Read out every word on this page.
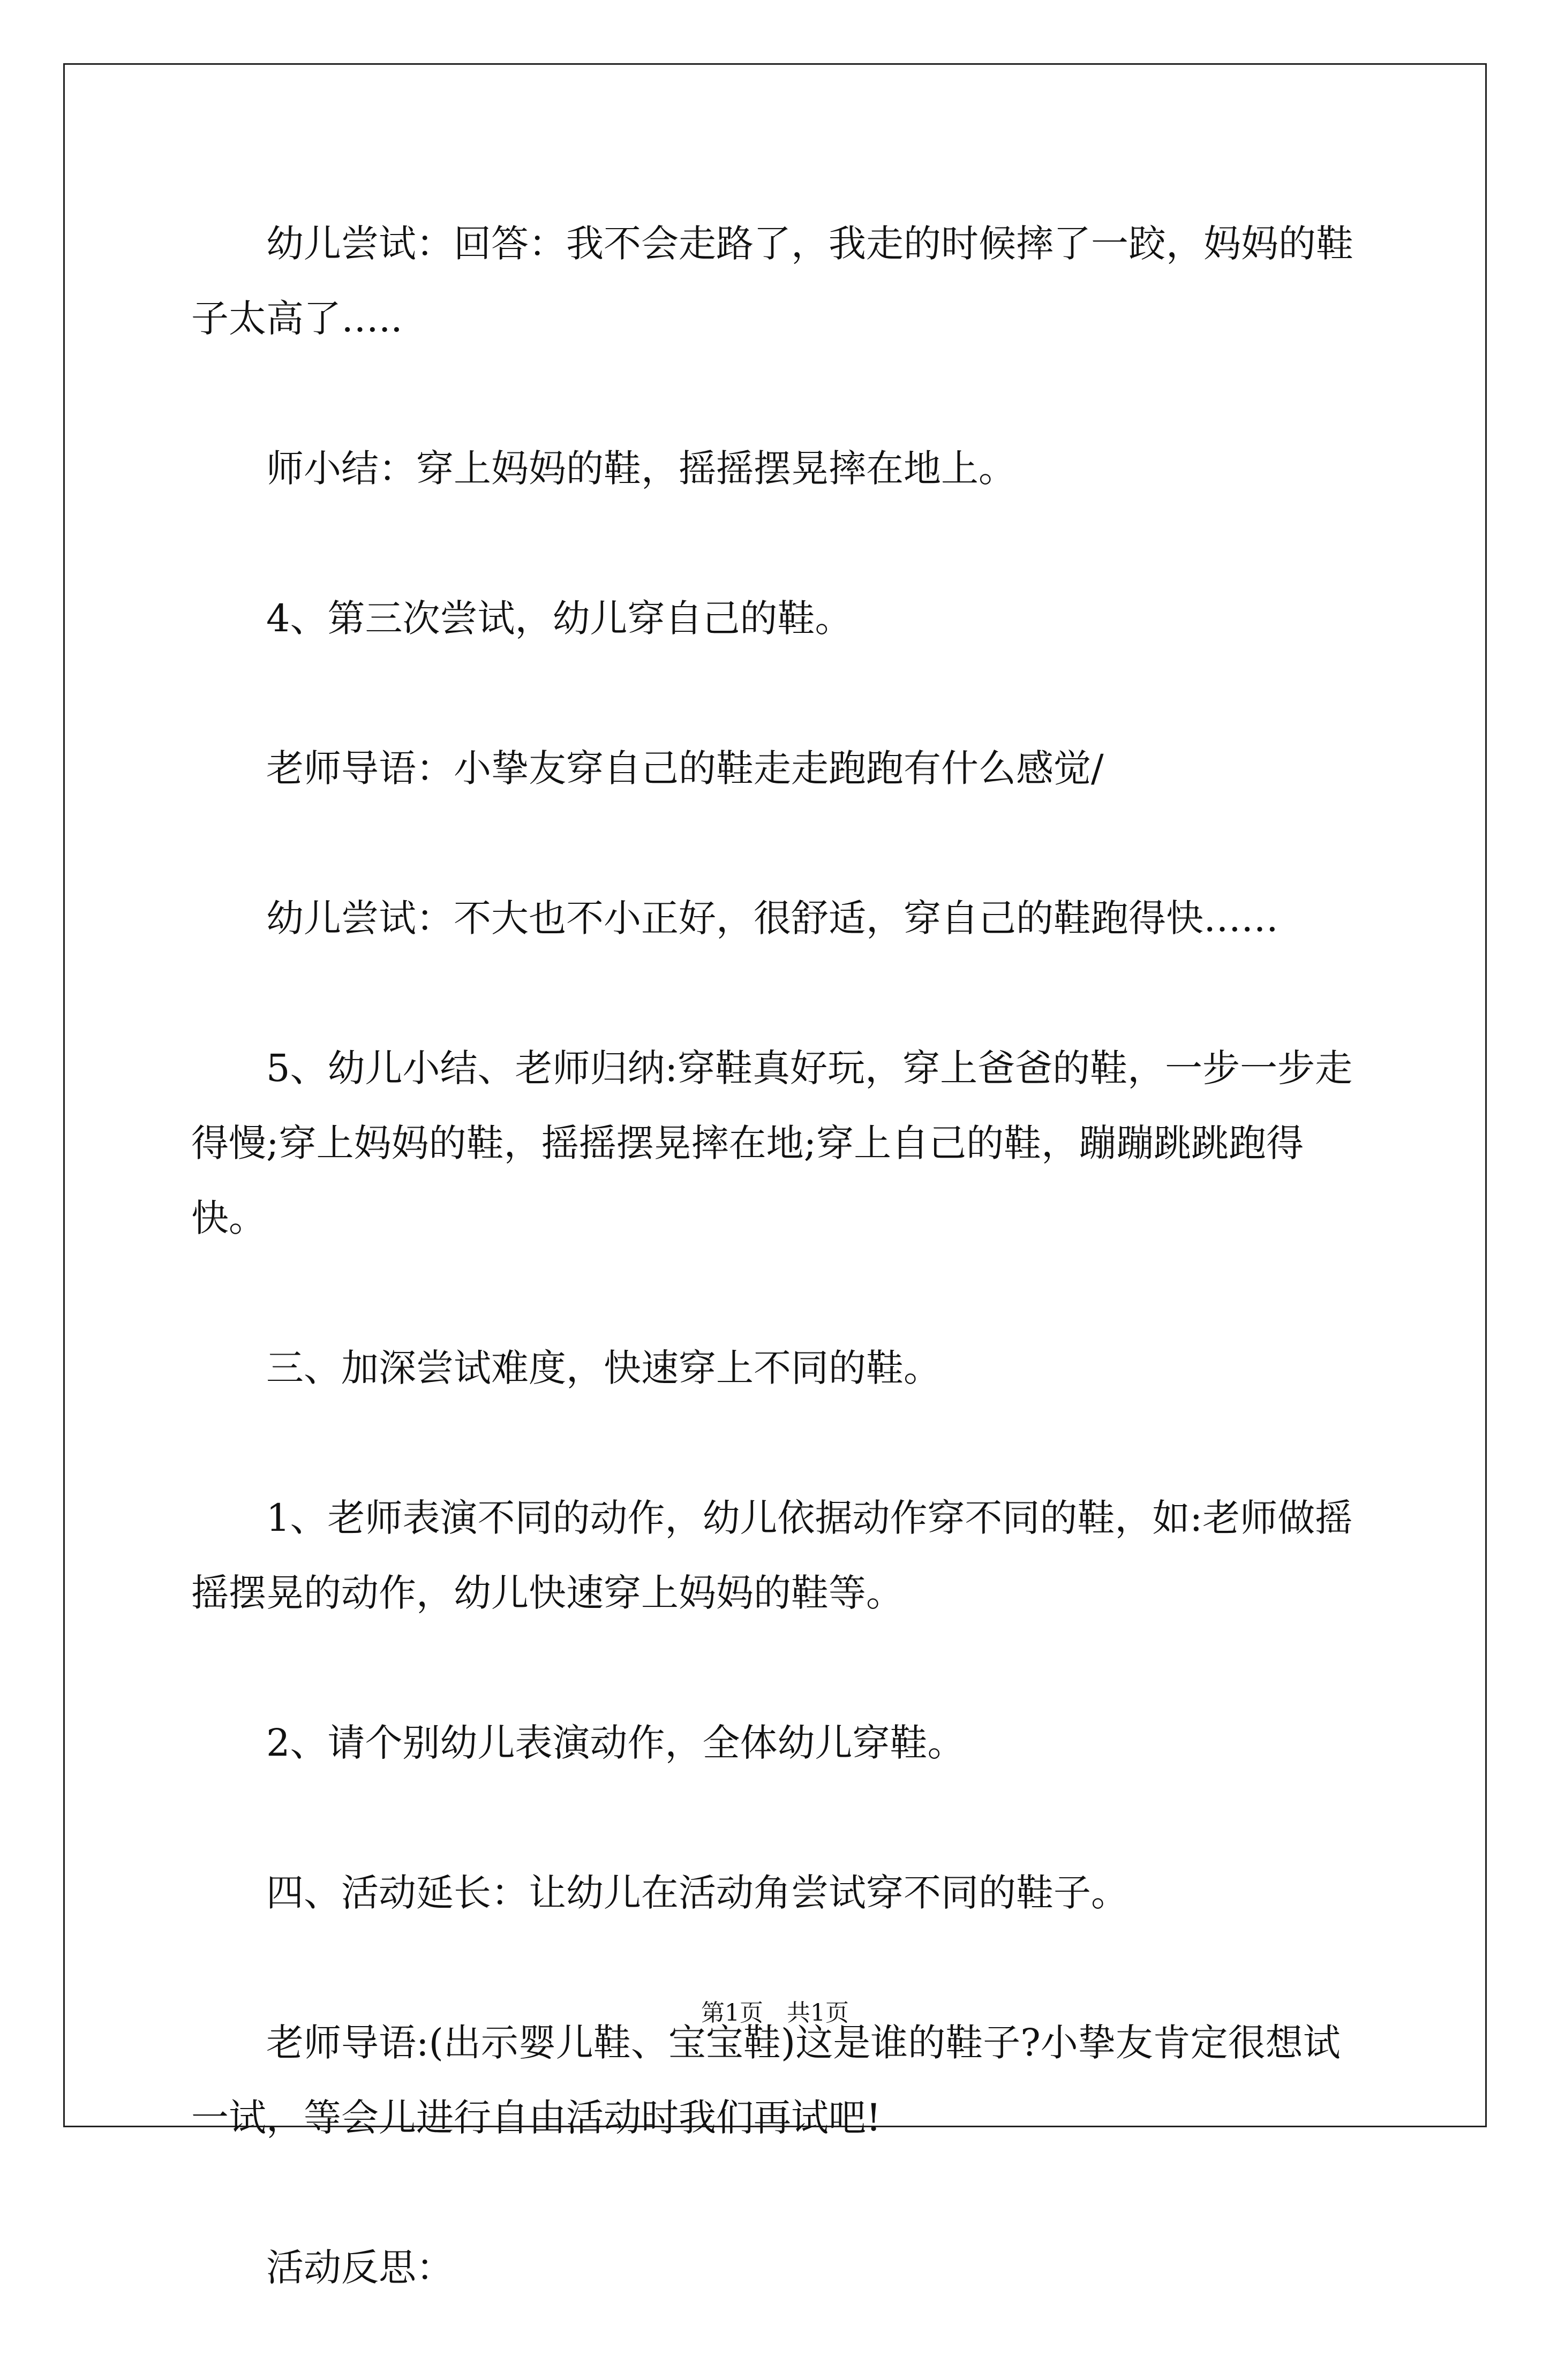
幼儿尝试：回答：我不会走路了，我走的时候摔了一跤，妈妈的鞋子太高了…..

师小结：穿上妈妈的鞋，摇摇摆晃摔在地上。

4、第三次尝试，幼儿穿自己的鞋。

老师导语：小挚友穿自己的鞋走走跑跑有什么感觉/

幼儿尝试：不大也不小正好，很舒适，穿自己的鞋跑得快……

5、幼儿小结、老师归纳:穿鞋真好玩，穿上爸爸的鞋，一步一步走得慢;穿上妈妈的鞋，摇摇摆晃摔在地;穿上自己的鞋，蹦蹦跳跳跑得快。

三、加深尝试难度，快速穿上不同的鞋。

1、老师表演不同的动作，幼儿依据动作穿不同的鞋，如:老师做摇摇摆晃的动作，幼儿快速穿上妈妈的鞋等。

2、请个别幼儿表演动作，全体幼儿穿鞋。

四、活动延长：让幼儿在活动角尝试穿不同的鞋子。

老师导语:(出示婴儿鞋、宝宝鞋)这是谁的鞋子?小挚友肯定很想试一试，等会儿进行自由活动时我们再试吧!

活动反思：

第1页　共1页
